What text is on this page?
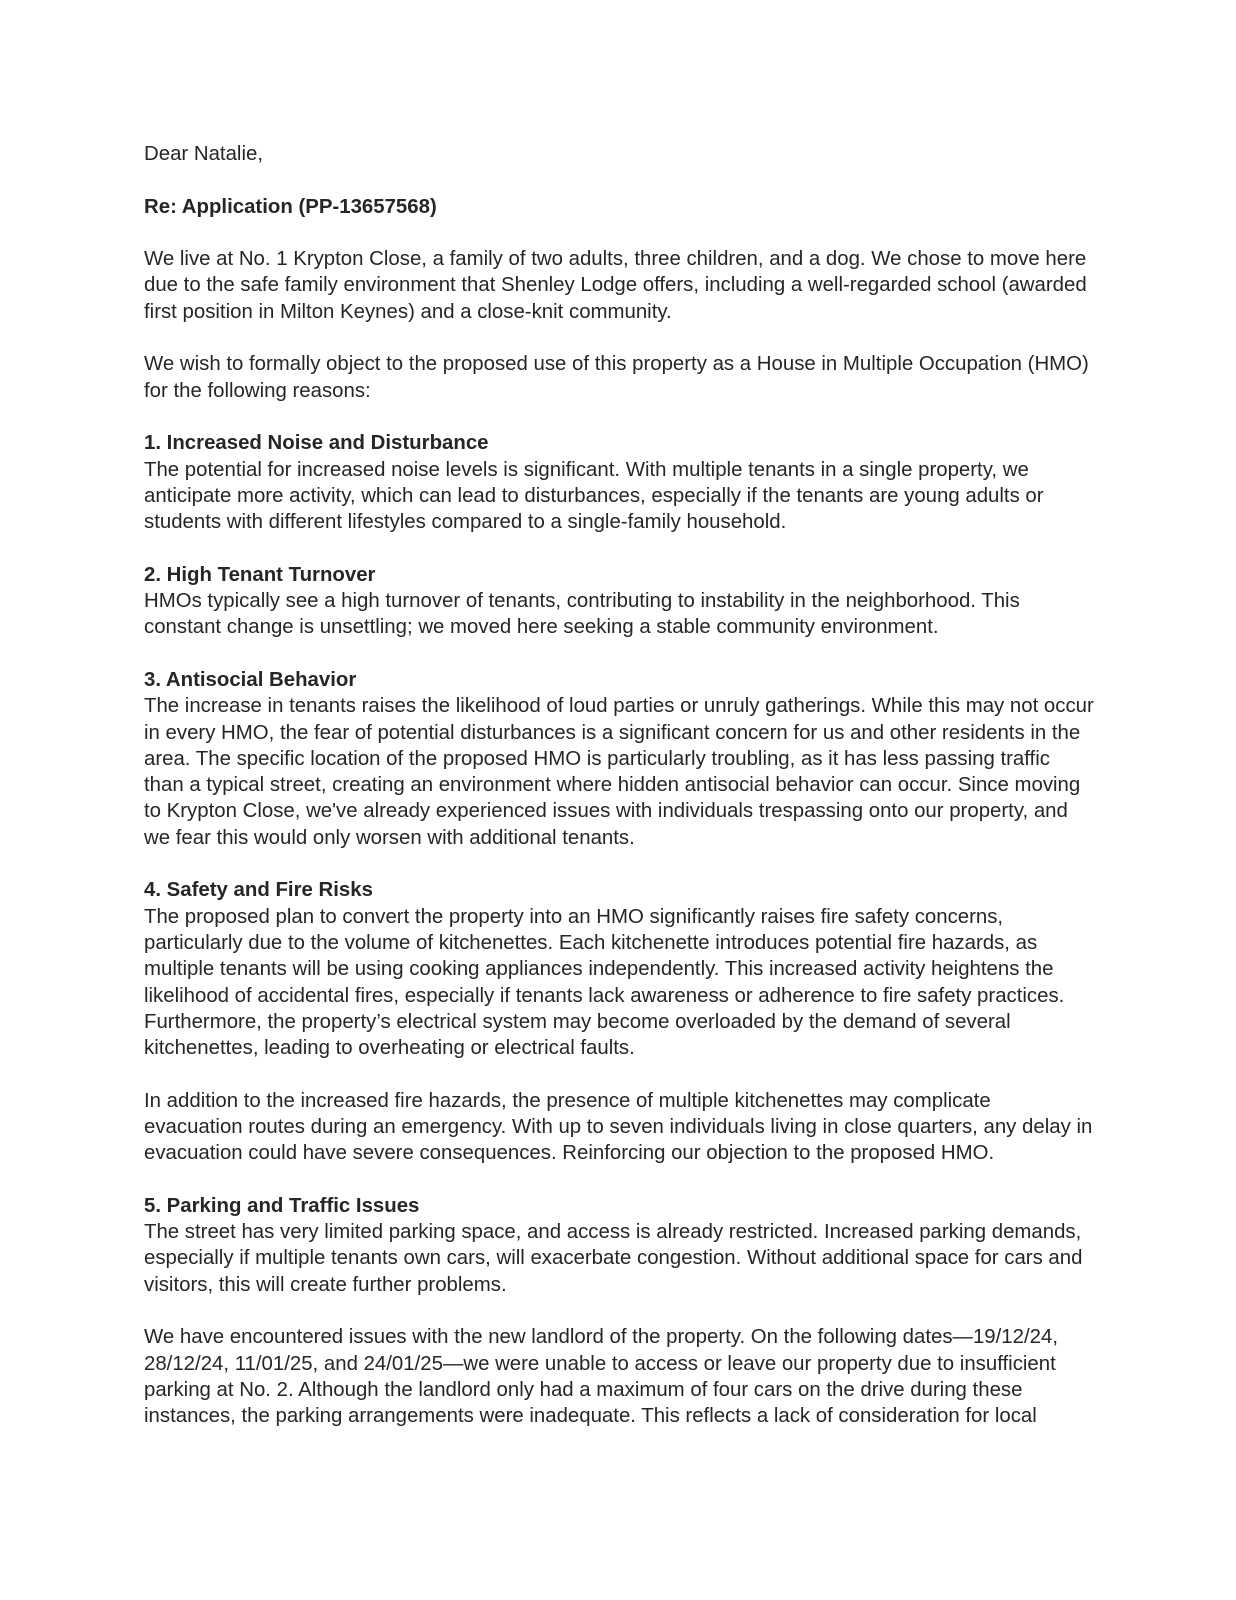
Dear Natalie,

Re: Application (PP-13657568)

We live at No. 1 Krypton Close, a family of two adults, three children, and a dog. We chose to move here due to the safe family environment that Shenley Lodge offers, including a well-regarded school (awarded first position in Milton Keynes) and a close-knit community.

We wish to formally object to the proposed use of this property as a House in Multiple Occupation (HMO) for the following reasons:

1. Increased Noise and Disturbance

The potential for increased noise levels is significant. With multiple tenants in a single property, we anticipate more activity, which can lead to disturbances, especially if the tenants are young adults or students with different lifestyles compared to a single-family household.

2. High Tenant Turnover

HMOs typically see a high turnover of tenants, contributing to instability in the neighborhood. This constant change is unsettling; we moved here seeking a stable community environment.

3. Antisocial Behavior

The increase in tenants raises the likelihood of loud parties or unruly gatherings. While this may not occur in every HMO, the fear of potential disturbances is a significant concern for us and other residents in the area. The specific location of the proposed HMO is particularly troubling, as it has less passing traffic than a typical street, creating an environment where hidden antisocial behavior can occur. Since moving to Krypton Close, we've already experienced issues with individuals trespassing onto our property, and we fear this would only worsen with additional tenants.

4. Safety and Fire Risks

The proposed plan to convert the property into an HMO significantly raises fire safety concerns, particularly due to the volume of kitchenettes. Each kitchenette introduces potential fire hazards, as multiple tenants will be using cooking appliances independently. This increased activity heightens the likelihood of accidental fires, especially if tenants lack awareness or adherence to fire safety practices. Furthermore, the property’s electrical system may become overloaded by the demand of several kitchenettes, leading to overheating or electrical faults.

In addition to the increased fire hazards, the presence of multiple kitchenettes may complicate evacuation routes during an emergency. With up to seven individuals living in close quarters, any delay in evacuation could have severe consequences. Reinforcing our objection to the proposed HMO.

5. Parking and Traffic Issues

The street has very limited parking space, and access is already restricted. Increased parking demands, especially if multiple tenants own cars, will exacerbate congestion. Without additional space for cars and visitors, this will create further problems.

We have encountered issues with the new landlord of the property. On the following dates—19/12/24, 28/12/24, 11/01/25, and 24/01/25—we were unable to access or leave our property due to insufficient parking at No. 2. Although the landlord only had a maximum of four cars on the drive during these instances, the parking arrangements were inadequate. This reflects a lack of consideration for local
